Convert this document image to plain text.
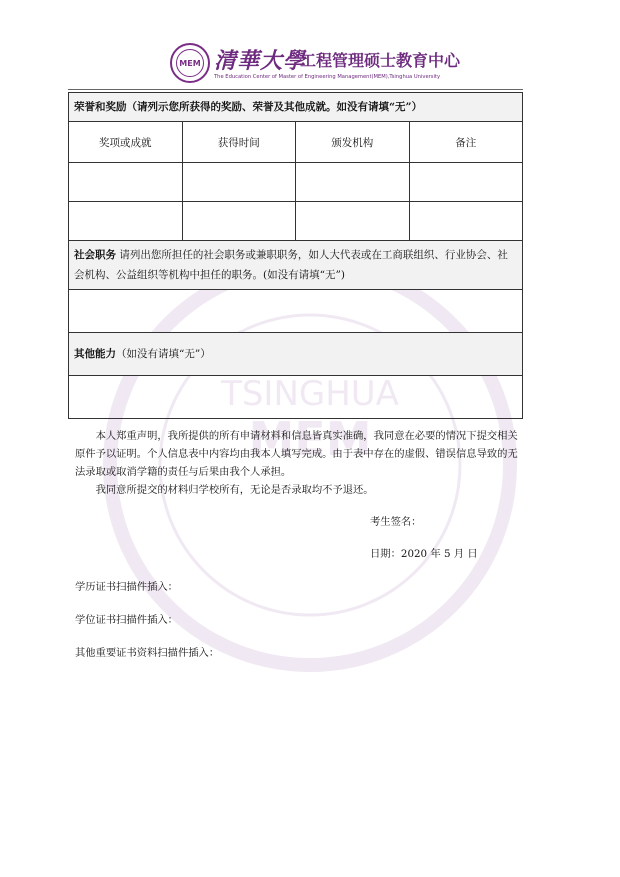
TSINGHUA
MEM
MEM 清華大學
工程管理硕士教育中心
The Education Center of Master of Engineering Management(MEM),Tsinghua University
荣誉和奖励（请列示您所获得的奖励、荣誉及其他成就。如没有请填“无”）			
奖项或成就	获得时间	颁发机构	备注

社会职务 请列出您所担任的社会职务或兼职职务，如人大代表或在工商联组织、行业协会、社会机构、公益组织等机构中担任的职务。(如没有请填“无”)			

其他能力（如没有请填“无”）			

本人郑重声明，我所提供的所有申请材料和信息皆真实准确，我同意在必要的情况下提交相关原件予以证明。个人信息表中内容均由我本人填写完成。由于表中存在的虚假、错误信息导致的无法录取或取消学籍的责任与后果由我个人承担。

我同意所提交的材料归学校所有，无论是否录取均不予退还。

考生签名：
日期：2020 年 5 月 日
学历证书扫描件插入：
学位证书扫描件插入：
其他重要证书资料扫描件插入：
